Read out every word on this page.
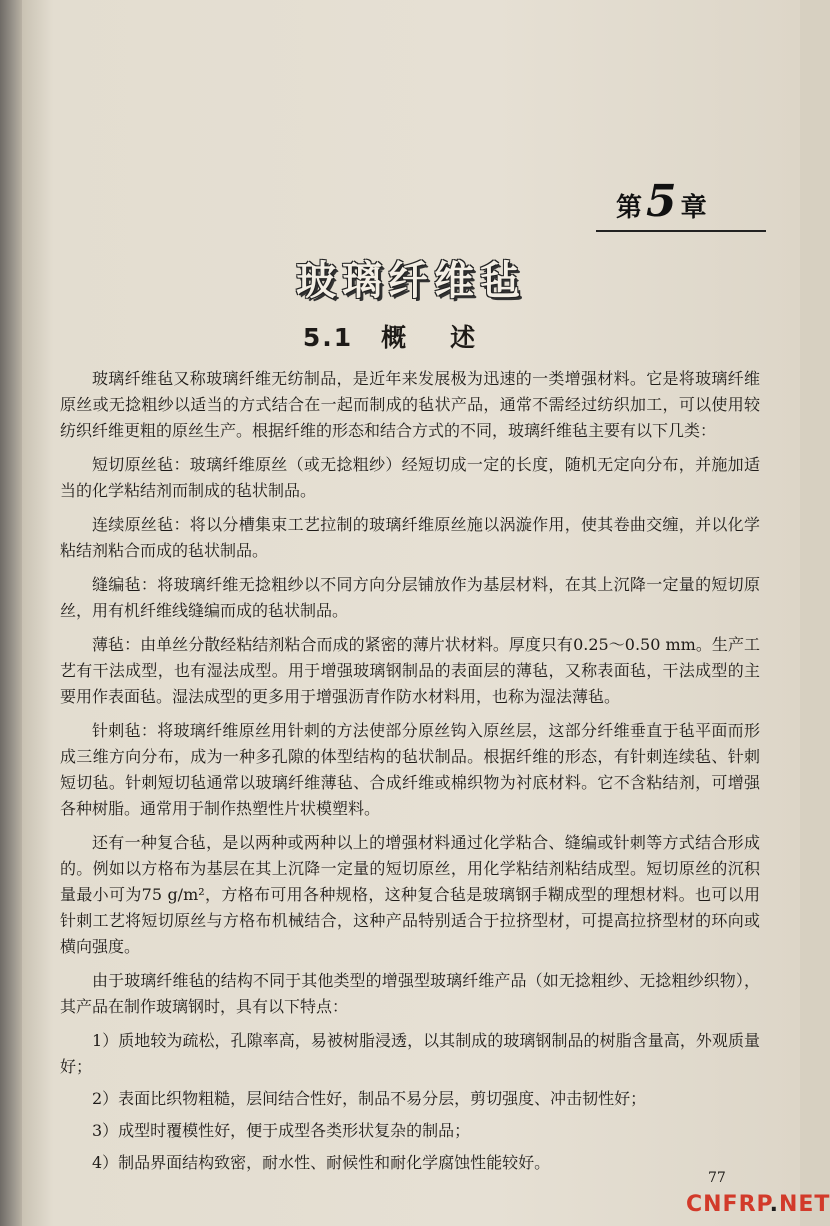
第 5 章
玻璃纤维毡
5.1 概述

玻璃纤维毡又称玻璃纤维无纺制品，是近年来发展极为迅速的一类增强材料。它是将玻璃纤维原丝或无捻粗纱以适当的方式结合在一起而制成的毡状产品，通常不需经过纺织加工，可以使用较纺织纤维更粗的原丝生产。根据纤维的形态和结合方式的不同，玻璃纤维毡主要有以下几类：

短切原丝毡：玻璃纤维原丝（或无捻粗纱）经短切成一定的长度，随机无定向分布，并施加适当的化学粘结剂而制成的毡状制品。

连续原丝毡：将以分槽集束工艺拉制的玻璃纤维原丝施以涡漩作用，使其卷曲交缠，并以化学粘结剂粘合而成的毡状制品。

缝编毡：将玻璃纤维无捻粗纱以不同方向分层铺放作为基层材料，在其上沉降一定量的短切原丝，用有机纤维线缝编而成的毡状制品。

薄毡：由单丝分散经粘结剂粘合而成的紧密的薄片状材料。厚度只有0.25～0.50 mm。生产工艺有干法成型，也有湿法成型。用于增强玻璃钢制品的表面层的薄毡，又称表面毡，干法成型的主要用作表面毡。湿法成型的更多用于增强沥青作防水材料用，也称为湿法薄毡。

针刺毡：将玻璃纤维原丝用针刺的方法使部分原丝钩入原丝层，这部分纤维垂直于毡平面而形成三维方向分布，成为一种多孔隙的体型结构的毡状制品。根据纤维的形态，有针刺连续毡、针刺短切毡。针刺短切毡通常以玻璃纤维薄毡、合成纤维或棉织物为衬底材料。它不含粘结剂，可增强各种树脂。通常用于制作热塑性片状模塑料。

还有一种复合毡，是以两种或两种以上的增强材料通过化学粘合、缝编或针刺等方式结合形成的。例如以方格布为基层在其上沉降一定量的短切原丝，用化学粘结剂粘结成型。短切原丝的沉积量最小可为75 g/m²，方格布可用各种规格，这种复合毡是玻璃钢手糊成型的理想材料。也可以用针刺工艺将短切原丝与方格布机械结合，这种产品特别适合于拉挤型材，可提高拉挤型材的环向或横向强度。

由于玻璃纤维毡的结构不同于其他类型的增强型玻璃纤维产品（如无捻粗纱、无捻粗纱织物），其产品在制作玻璃钢时，具有以下特点：

1）质地较为疏松，孔隙率高，易被树脂浸透，以其制成的玻璃钢制品的树脂含量高，外观质量好；

2）表面比织物粗糙，层间结合性好，制品不易分层，剪切强度、冲击韧性好；

3）成型时覆模性好，便于成型各类形状复杂的制品；

4）制品界面结构致密，耐水性、耐候性和耐化学腐蚀性能较好。

77
CNFRP.NET
